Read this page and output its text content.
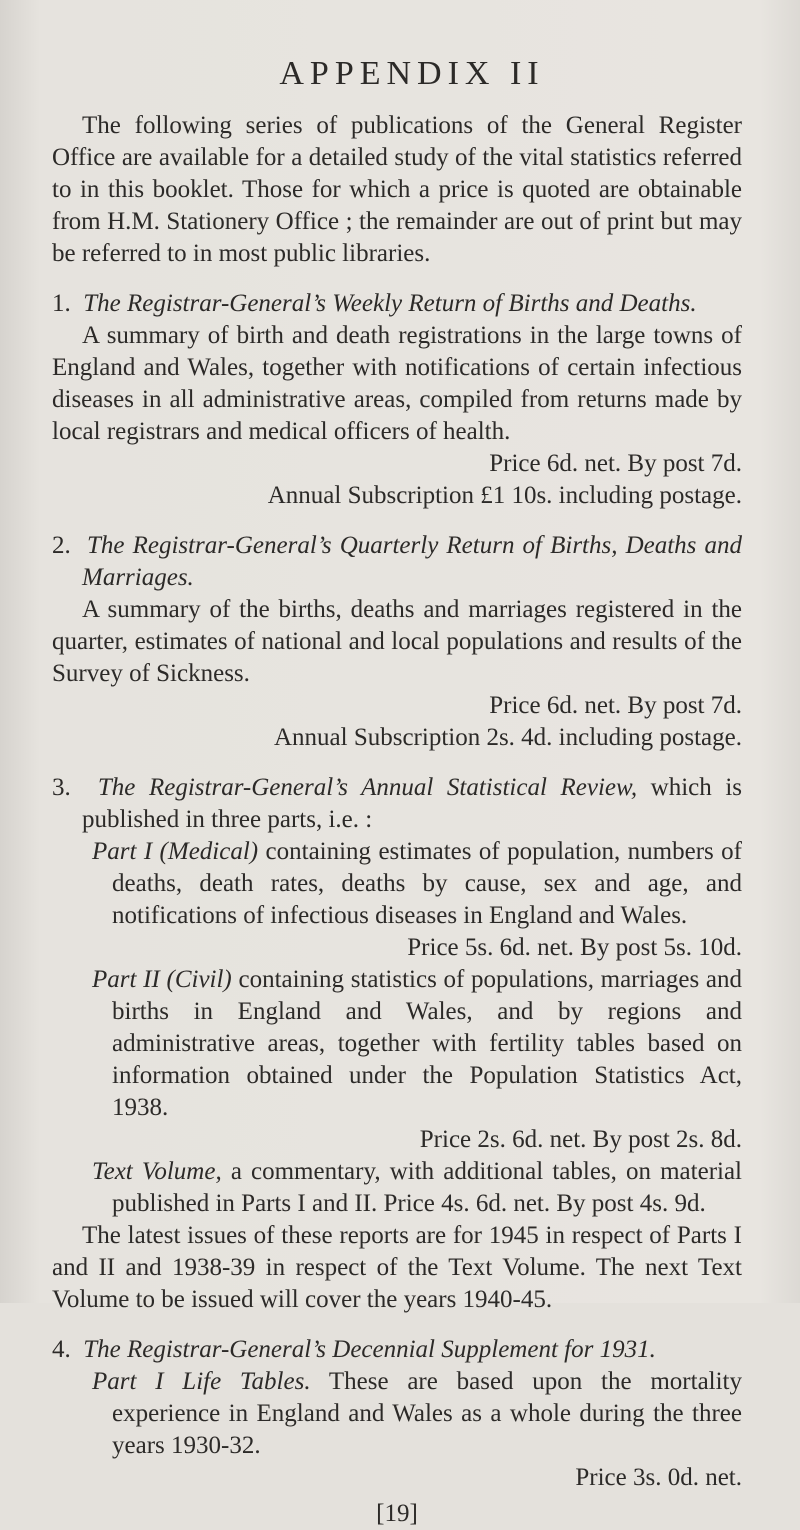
APPENDIX II

The following series of publications of the General Register Office are available for a detailed study of the vital statistics referred to in this booklet. Those for which a price is quoted are obtainable from H.M. Stationery Office ; the remainder are out of print but may be referred to in most public libraries.

1. The Registrar-General’s Weekly Return of Births and Deaths.

A summary of birth and death registrations in the large towns of England and Wales, together with notifications of certain infectious diseases in all administrative areas, compiled from returns made by local registrars and medical officers of health.

Price 6d. net. By post 7d.

Annual Subscription £1 10s. including postage.

2. The Registrar-General’s Quarterly Return of Births, Deaths and Marriages.

A summary of the births, deaths and marriages registered in the quarter, estimates of national and local populations and results of the Survey of Sickness.

Price 6d. net. By post 7d.

Annual Subscription 2s. 4d. including postage.

3. The Registrar-General’s Annual Statistical Review, which is published in three parts, i.e. :

Part I (Medical) containing estimates of population, numbers of deaths, death rates, deaths by cause, sex and age, and notifications of infectious diseases in England and Wales.

Price 5s. 6d. net. By post 5s. 10d.

Part II (Civil) containing statistics of populations, marriages and births in England and Wales, and by regions and administrative areas, together with fertility tables based on information obtained under the Population Statistics Act, 1938.

Price 2s. 6d. net. By post 2s. 8d.

Text Volume, a commentary, with additional tables, on material published in Parts I and II. Price 4s. 6d. net. By post 4s. 9d.

The latest issues of these reports are for 1945 in respect of Parts I and II and 1938-39 in respect of the Text Volume. The next Text Volume to be issued will cover the years 1940-45.

4. The Registrar-General’s Decennial Supplement for 1931.

Part I Life Tables. These are based upon the mortality experience in England and Wales as a whole during the three years 1930-32.

Price 3s. 0d. net.

[19]
